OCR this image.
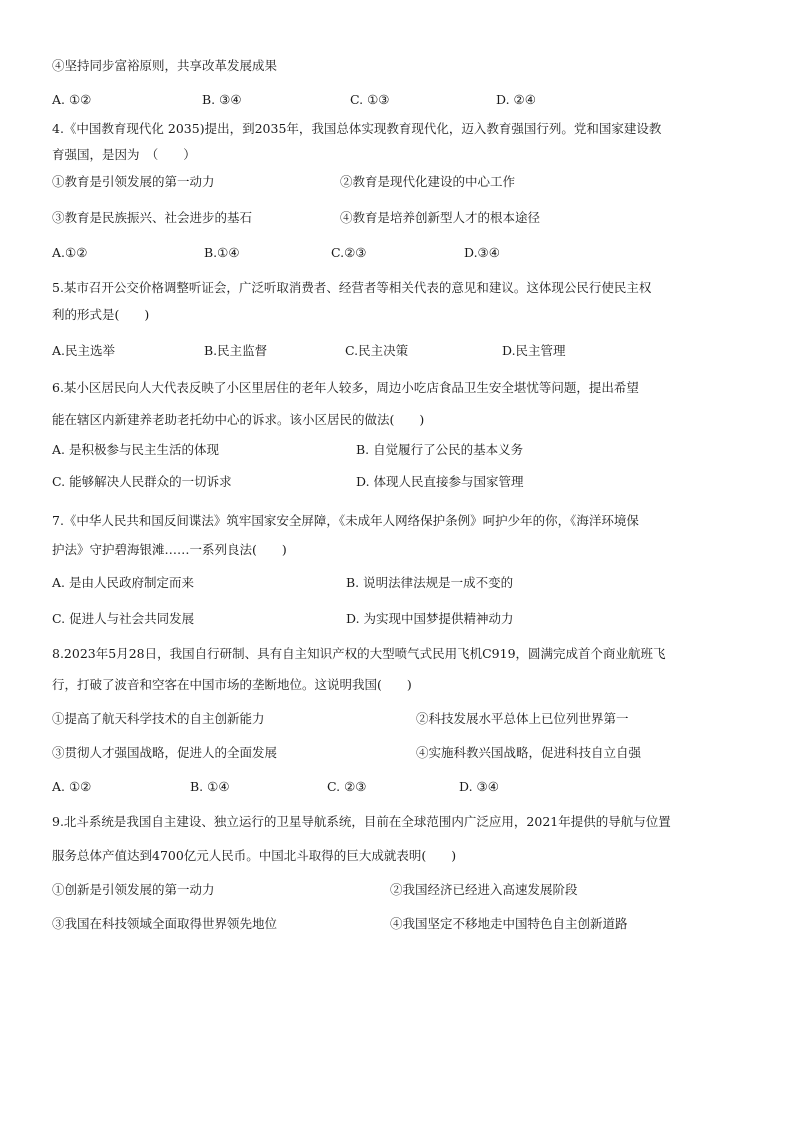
④坚持同步富裕原则，共享改革发展成果
A. ①②	B. ③④	C. ①③	D. ②④
4.《中国教育现代化 2035)提出，到2035年，我国总体实现教育现代化，迈入教育强国行列。党和国家建设教
育强国，是因为　（　　）
①教育是引领发展的第一动力	②教育是现代化建设的中心工作
③教育是民族振兴、社会进步的基石	④教育是培养创新型人才的根本途径
A.①②	B.①④	C.②③	D.③④
5.某市召开公交价格调整听证会，广泛听取消费者、经营者等相关代表的意见和建议。这体现公民行使民主权
利的形式是(　　)
A.民主选举	B.民主监督	C.民主决策	D.民主管理
6.某小区居民向人大代表反映了小区里居住的老年人较多，周边小吃店食品卫生安全堪忧等问题，提出希望
能在辖区内新建养老助老托幼中心的诉求。该小区居民的做法(　　)
A. 是积极参与民主生活的体现	B. 自觉履行了公民的基本义务
C. 能够解决人民群众的一切诉求	D. 体现人民直接参与国家管理
7.《中华人民共和国反间谍法》筑牢国家安全屏障，《未成年人网络保护条例》呵护少年的你，《海洋环境保
护法》守护碧海银滩……一系列良法(　　)
A. 是由人民政府制定而来	B. 说明法律法规是一成不变的
C. 促进人与社会共同发展	D. 为实现中国梦提供精神动力
8.2023年5月28日，我国自行研制、具有自主知识产权的大型喷气式民用飞机C919，圆满完成首个商业航班飞
行，打破了波音和空客在中国市场的垄断地位。这说明我国(　　)
①提高了航天科学技术的自主创新能力	②科技发展水平总体上已位列世界第一
③贯彻人才强国战略，促进人的全面发展	④实施科教兴国战略，促进科技自立自强
A. ①②	B. ①④	C. ②③	D. ③④
9.北斗系统是我国自主建设、独立运行的卫星导航系统，目前在全球范围内广泛应用，2021年提供的导航与位置
服务总体产值达到4700亿元人民币。中国北斗取得的巨大成就表明(　　)
①创新是引领发展的第一动力	②我国经济已经进入高速发展阶段
③我国在科技领域全面取得世界领先地位	④我国坚定不移地走中国特色自主创新道路
